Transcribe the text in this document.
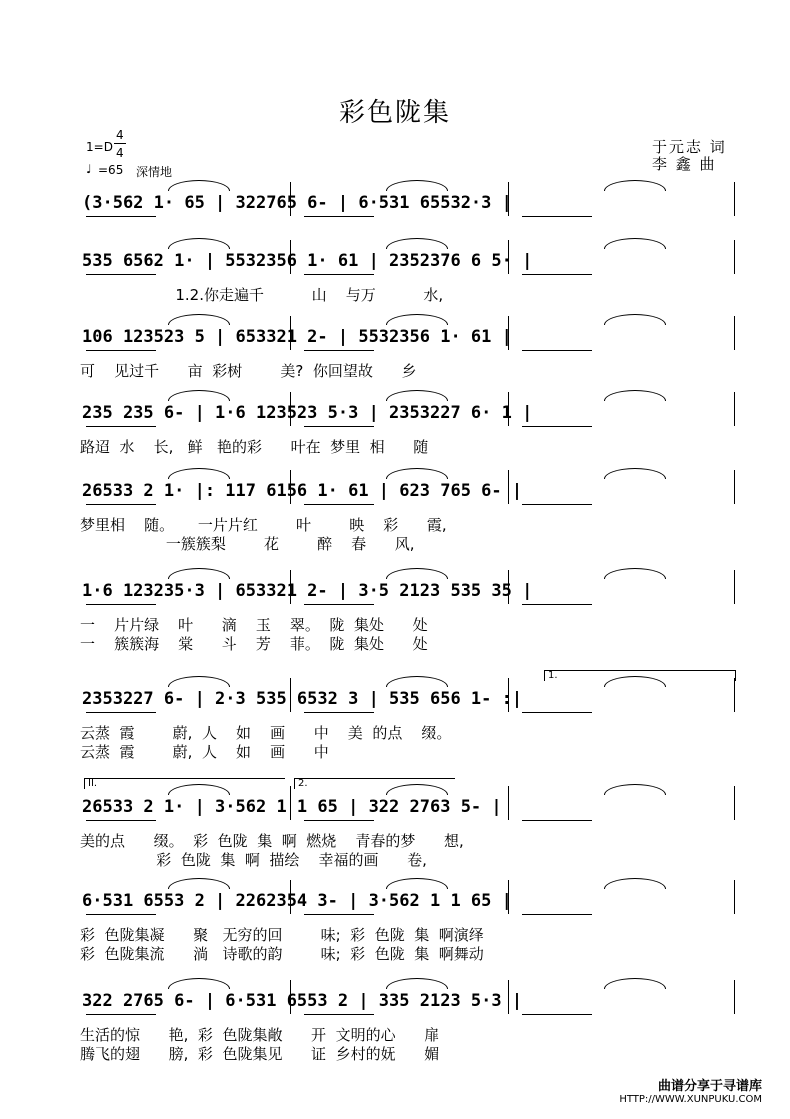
彩色陇集
1=D
4
4
♩ =65 深情地
于元志 词
李 鑫 曲
(3·562 1· 65 | 322765 6- | 6·531 65532·3 |
535 6562 1· | 5532356 1· 61 | 2352376 6 5· |
1.2.你走遍千          山    与万          水,
106 123523 5 | 653321 2- | 5532356 1· 61 |
可    见过千      亩  彩树        美?  你回望故      乡
235 235 6- | 1·6 123523 5·3 | 2353227 6· 1 |
路迢  水    长,   鲜   艳的彩      叶在  梦里  相      随
26533 2 1· |: 117 6156 1· 61 | 623 765 6- |
梦里相    随。     一片片红        叶        映    彩      霞,
一簇簇梨        花        醉    春      风,
1·6 123235·3 | 653321 2- | 3·5 2123 535 35 |
一    片片绿    叶      滴    玉    翠。  陇  集处      处
一    簇簇海    棠      斗    芳    菲。  陇  集处      处
2353227 6- | 2·3 535 6532 3 | 535 656 1- :|
1.
云蒸  霞        蔚,  人    如    画      中    美  的点    缀。
云蒸  霞        蔚,  人    如    画      中
26533 2 1· | 3·562 1 1 65 | 322 2763 5- |
2.
II.
美的点      缀。  彩  色陇  集  啊  燃烧    青春的梦      想,
彩  色陇  集  啊  描绘    幸福的画      卷,
6·531 6553 2 | 2262354 3- | 3·562 1 1 65 |
彩  色陇集凝      聚   无穷的回        味;  彩  色陇  集  啊演绎
彩  色陇集流      淌   诗歌的韵        味;  彩  色陇  集  啊舞动
322 2765 6- | 6·531 6553 2 | 335 2123 5·3 |
生活的惊      艳,  彩  色陇集敞      开  文明的心      扉
腾飞的翅      膀,  彩  色陇集见      证  乡村的妩      媚
曲谱分享于寻谱库
HTTP://WWW.XUNPUKU.COM
